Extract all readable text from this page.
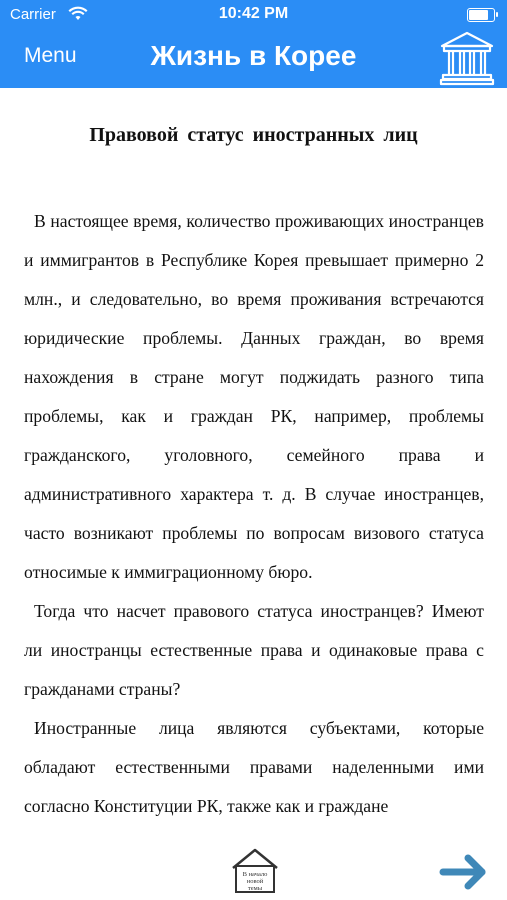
Carrier	10:42 PM
Menu	Жизнь в Корее
Правовой статус иностранных лиц

В настоящее время, количество проживающих иностранцев и иммигрантов в Республике Корея превышает примерно 2 млн., и следовательно, во время проживания встречаются юридические проблемы. Данных граждан, во время нахождения в стране могут поджидать разного типа проблемы, как и граждан РК, например, проблемы гражданского, уголовного, семейного права и административного характера т. д. В случае иностранцев, часто возникают проблемы по вопросам визового статуса относимые к иммиграционному бюро.

Тогда что насчет правового статуса иностранцев? Имеют ли иностранцы естественные права и одинаковые права с гражданами страны?

Иностранные лица являются субъектами, которые обладают естественными правами наделенными ими согласно Конституции РК, также как и граждане

В начало
новой
темы
